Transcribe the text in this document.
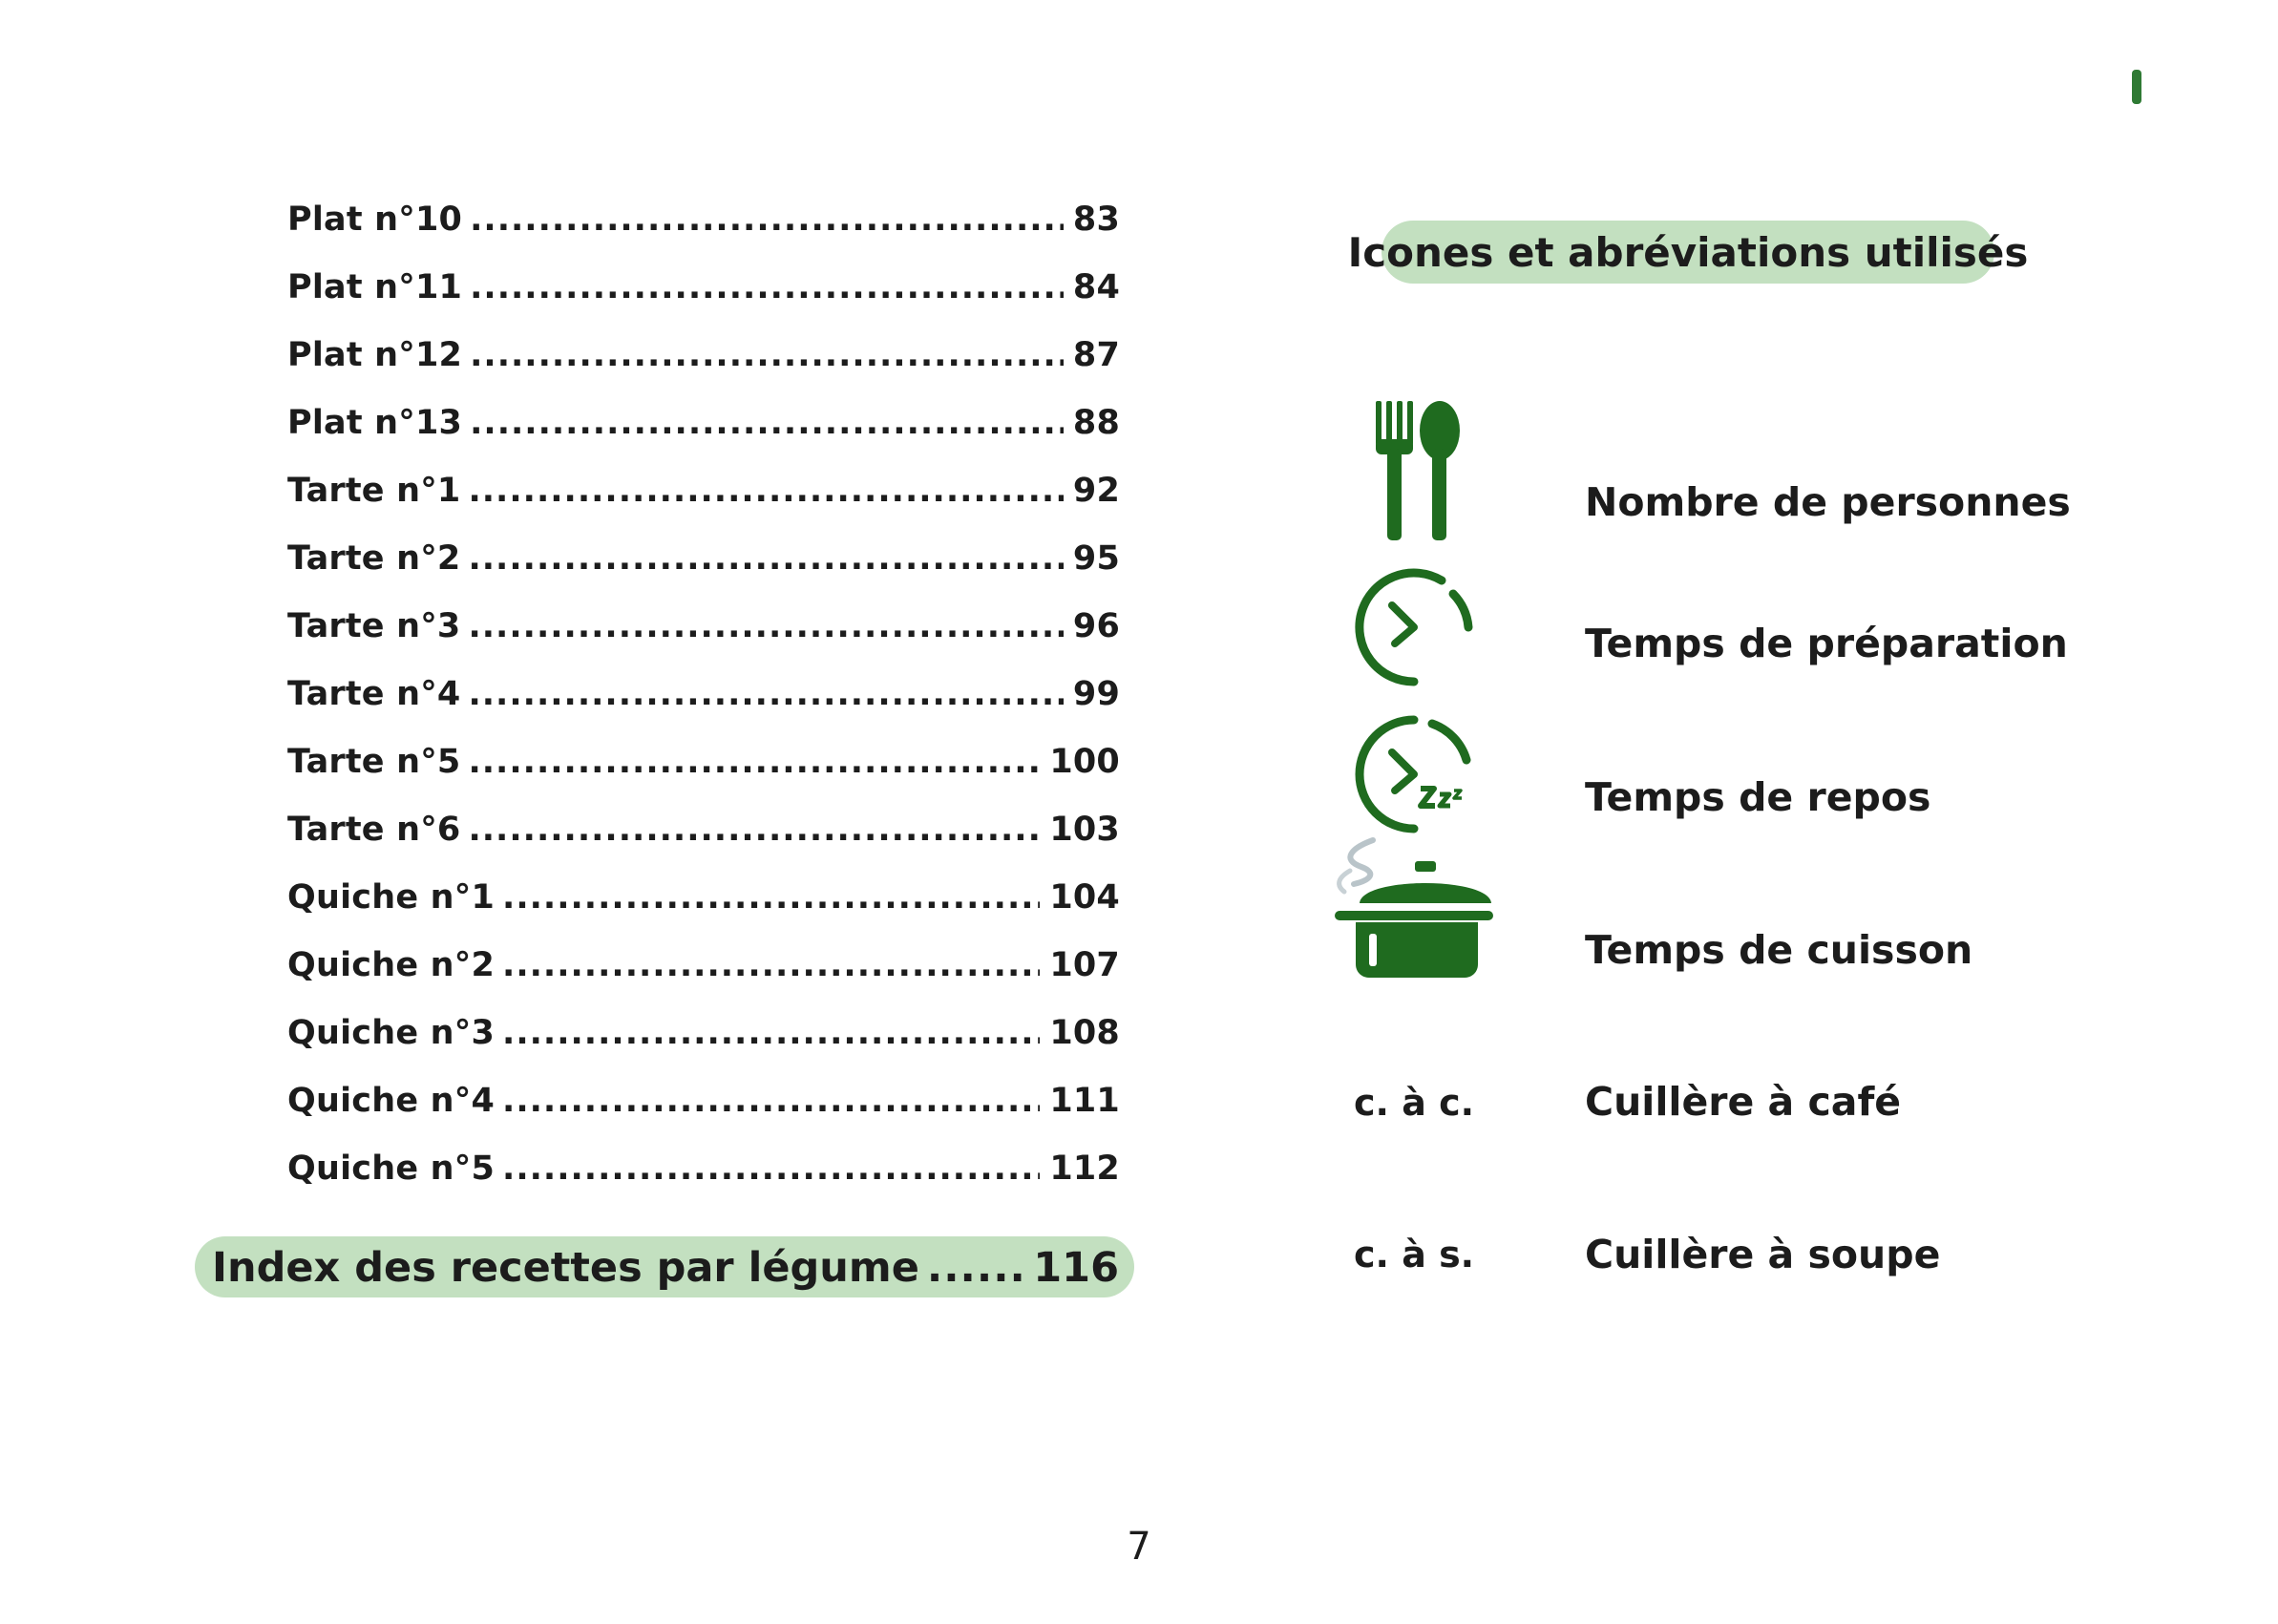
Plat n°10 .....	83
Plat n°11 .....	84
Plat n°12 .....	87
Plat n°13 .....	88
Tarte n°1 .....	92
Tarte n°2 .....	95
Tarte n°3 .....	96
Tarte n°4 .....	99
Tarte n°5 .....	100
Tarte n°6 .....	103
Quiche n°1 .....	104
Quiche n°2 .....	107
Quiche n°3 .....	108
Quiche n°4 .....	111
Quiche n°5 .....	112
Index des recettes par légume .....	116
Icones et abréviations utilisés
Nombre de personnes
Temps de préparation
Temps de repos
Temps de cuisson
c. à c.	Cuillère à café
c. à s.	Cuillère à soupe
7
